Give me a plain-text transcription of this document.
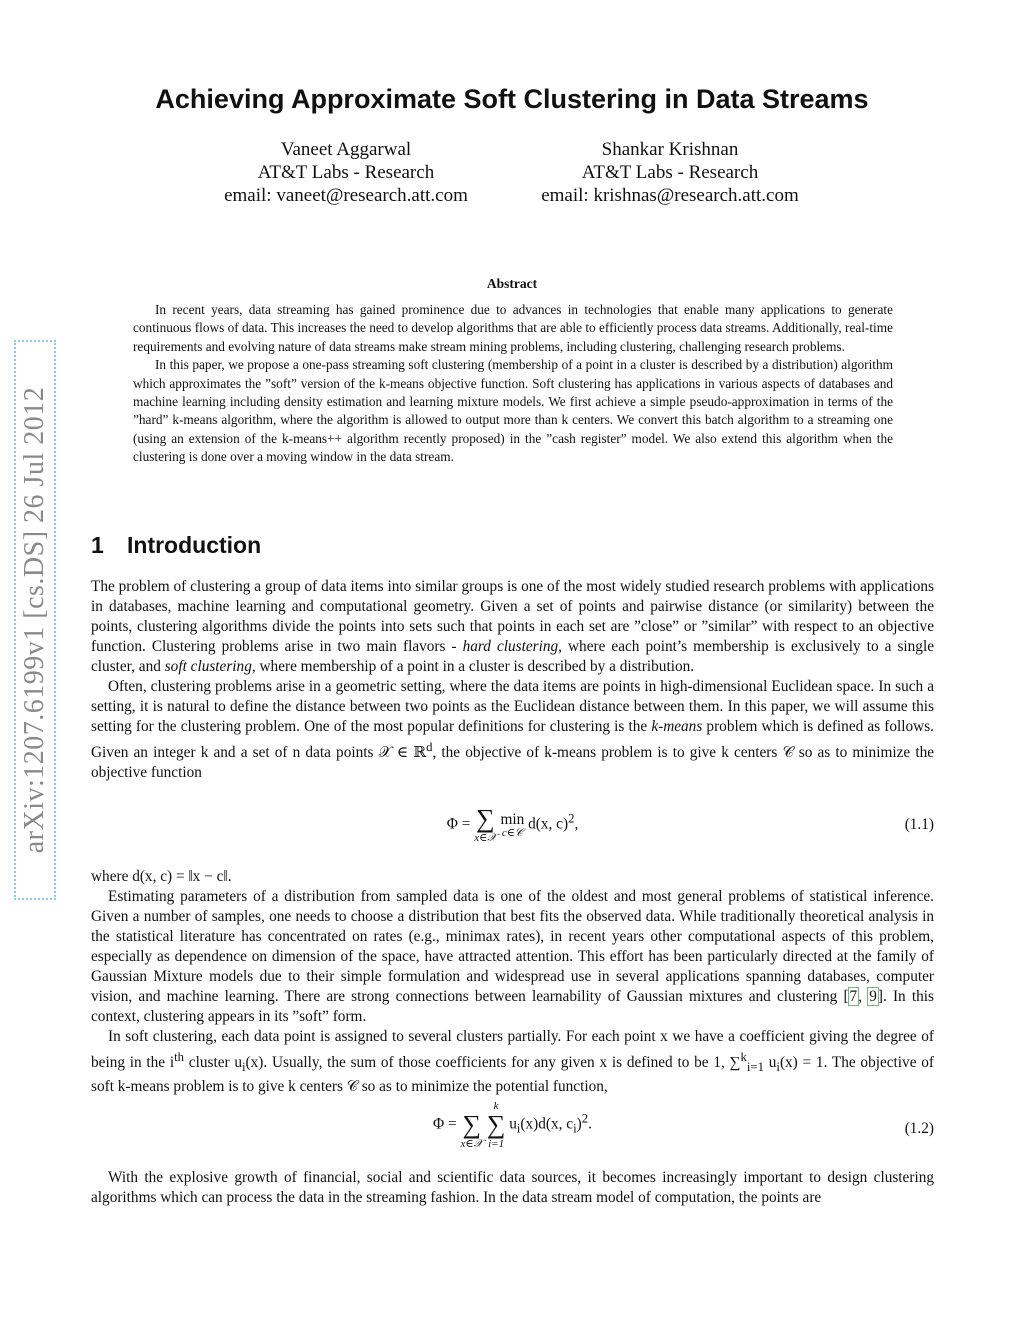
arXiv:1207.6199v1 [cs.DS] 26 Jul 2012
Achieving Approximate Soft Clustering in Data Streams
Vaneet Aggarwal
AT&T Labs - Research
email: vaneet@research.att.com
Shankar Krishnan
AT&T Labs - Research
email: krishnas@research.att.com
Abstract

In recent years, data streaming has gained prominence due to advances in technologies that enable many applications to generate continuous flows of data. This increases the need to develop algorithms that are able to efficiently process data streams. Additionally, real-time requirements and evolving nature of data streams make stream mining problems, including clustering, challenging research problems.

In this paper, we propose a one-pass streaming soft clustering (membership of a point in a cluster is described by a distribution) algorithm which approximates the ”soft” version of the k-means objective function. Soft clustering has applications in various aspects of databases and machine learning including density estimation and learning mixture models. We first achieve a simple pseudo-approximation in terms of the ”hard” k-means algorithm, where the algorithm is allowed to output more than k centers. We convert this batch algorithm to a streaming one (using an extension of the k-means++ algorithm recently proposed) in the ”cash register” model. We also extend this algorithm when the clustering is done over a moving window in the data stream.

1 Introduction

The problem of clustering a group of data items into similar groups is one of the most widely studied research problems with applications in databases, machine learning and computational geometry. Given a set of points and pairwise distance (or similarity) between the points, clustering algorithms divide the points into sets such that points in each set are ”close” or ”similar” with respect to an objective function. Clustering problems arise in two main flavors - hard clustering, where each point’s membership is exclusively to a single cluster, and soft clustering, where membership of a point in a cluster is described by a distribution.

Often, clustering problems arise in a geometric setting, where the data items are points in high-dimensional Euclidean space. In such a setting, it is natural to define the distance between two points as the Euclidean distance between them. In this paper, we will assume this setting for the clustering problem. One of the most popular definitions for clustering is the k-means problem which is defined as follows. Given an integer k and a set of n data points 𝒳 ∈ ℝ$^d$, the objective of k-means problem is to give k centers 𝒞 so as to minimize the objective function

Φ = ∑
x∈𝒳

min
c∈𝒞 d(x, c)$^2$,	(1.1)

where d(x, c) = ‖x − c‖.

Estimating parameters of a distribution from sampled data is one of the oldest and most general problems of statistical inference. Given a number of samples, one needs to choose a distribution that best fits the observed data. While traditionally theoretical analysis in the statistical literature has concentrated on rates (e.g., minimax rates), in recent years other computational aspects of this problem, especially as dependence on dimension of the space, have attracted attention. This effort has been particularly directed at the family of Gaussian Mixture models due to their simple formulation and widespread use in several applications spanning databases, computer vision, and machine learning. There are strong connections between learnability of Gaussian mixtures and clustering [7, 9]. In this context, clustering appears in its ”soft” form.

In soft clustering, each data point is assigned to several clusters partially. For each point x we have a coefficient giving the degree of being in the $i^{th}$ cluster $u_i(x)$. Usually, the sum of those coefficients for any given x is defined to be 1, ∑$^k_{i=1}$ $u_i(x) = 1$. The objective of soft k-means problem is to give k centers 𝒞 so as to minimize the potential function,

Φ = ∑
x∈𝒳

k
∑
i=1
$u_i(x)d(x$, $c_i)^2$.	(1.2)

With the explosive growth of financial, social and scientific data sources, it becomes increasingly important to design clustering algorithms which can process the data in the streaming fashion. In the data stream model of computation, the points are
